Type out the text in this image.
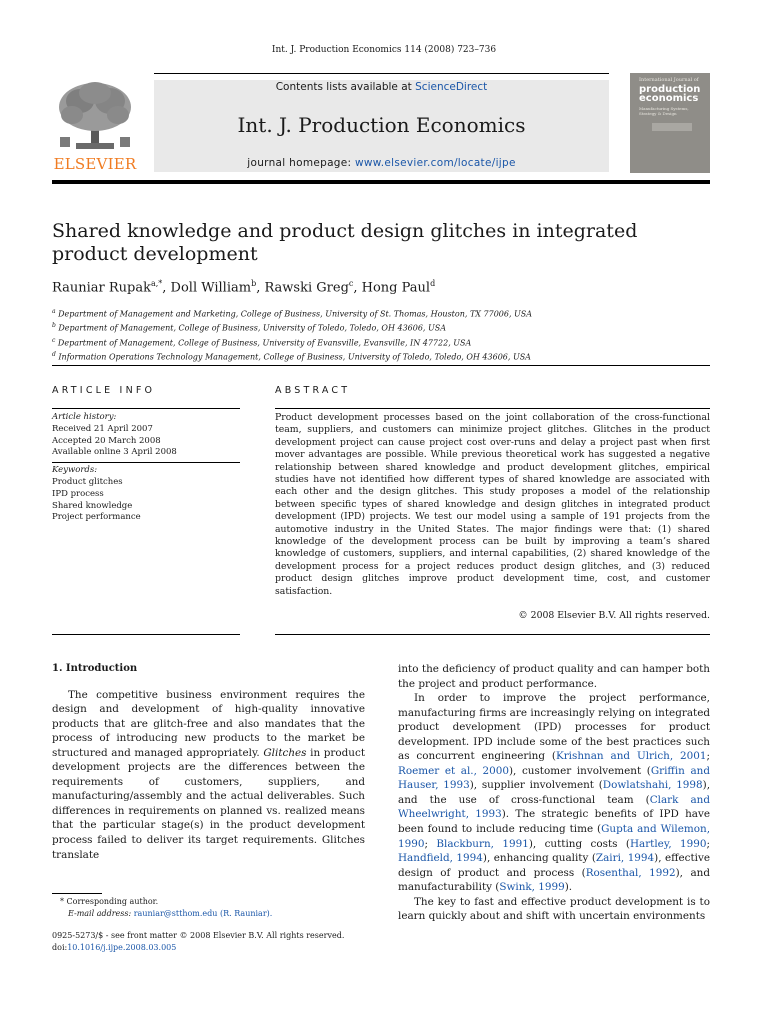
Int. J. Production Economics 114 (2008) 723–736
ELSEVIER
Contents lists available at ScienceDirect
Int. J. Production Economics
journal homepage: www.elsevier.com/locate/ijpe
International Journal of
production economics
Manufacturing Systems, Strategy & Design
Shared knowledge and product design glitches in integrated product development
Rauniar Rupak$^{a,*}$, Doll William$^b$, Rawski Greg$^c$, Hong Paul$^d$
$^a$ Department of Management and Marketing, College of Business, University of St. Thomas, Houston, TX 77006, USA
$^b$ Department of Management, College of Business, University of Toledo, Toledo, OH 43606, USA
$^c$ Department of Management, College of Business, University of Evansville, Evansville, IN 47722, USA
$^d$ Information Operations Technology Management, College of Business, University of Toledo, Toledo, OH 43606, USA
ARTICLE INFO
Article history:
Received 21 April 2007
Accepted 20 March 2008
Available online 3 April 2008
Keywords:
Product glitches
IPD process
Shared knowledge
Project performance
ABSTRACT
Product development processes based on the joint collaboration of the cross-functional team, suppliers, and customers can minimize project glitches. Glitches in the product development project can cause project cost over-runs and delay a project past when first mover advantages are possible. While previous theoretical work has suggested a negative relationship between shared knowledge and product development glitches, empirical studies have not identified how different types of shared knowledge are associated with each other and the design glitches. This study proposes a model of the relationship between specific types of shared knowledge and design glitches in integrated product development (IPD) projects. We test our model using a sample of 191 projects from the automotive industry in the United States. The major findings were that: (1) shared knowledge of the development process can be built by improving a team’s shared knowledge of customers, suppliers, and internal capabilities, (2) shared knowledge of the development process for a project reduces product design glitches, and (3) reduced product design glitches improve product development time, cost, and customer satisfaction.
© 2008 Elsevier B.V. All rights reserved.
1. Introduction
The competitive business environment requires the design and development of high-quality innovative products that are glitch-free and also mandates that the process of introducing new products to the market be structured and managed appropriately. Glitches in product development projects are the differences between the requirements of customers, suppliers, and manufacturing/assembly and the actual deliverables. Such differences in requirements on planned vs. realized means that the particular stage(s) in the product development process failed to deliver its target requirements. Glitches translate
into the deficiency of product quality and can hamper both the project and product performance.
In order to improve the project performance, manufacturing firms are increasingly relying on integrated product development (IPD) processes for product development. IPD include some of the best practices such as concurrent engineering (Krishnan and Ulrich, 2001; Roemer et al., 2000), customer involvement (Griffin and Hauser, 1993), supplier involvement (Dowlatshahi, 1998), and the use of cross-functional team (Clark and Wheelwright, 1993). The strategic benefits of IPD have been found to include reducing time (Gupta and Wilemon, 1990; Blackburn, 1991), cutting costs (Hartley, 1990; Handfield, 1994), enhancing quality (Zairi, 1994), effective design of product and process (Rosenthal, 1992), and manufacturability (Swink, 1999).
The key to fast and effective product development is to learn quickly about and shift with uncertain environments
* Corresponding author.
E-mail address: rauniar@stthom.edu (R. Rauniar).
0925-5273/$ - see front matter © 2008 Elsevier B.V. All rights reserved.
doi:10.1016/j.ijpe.2008.03.005
